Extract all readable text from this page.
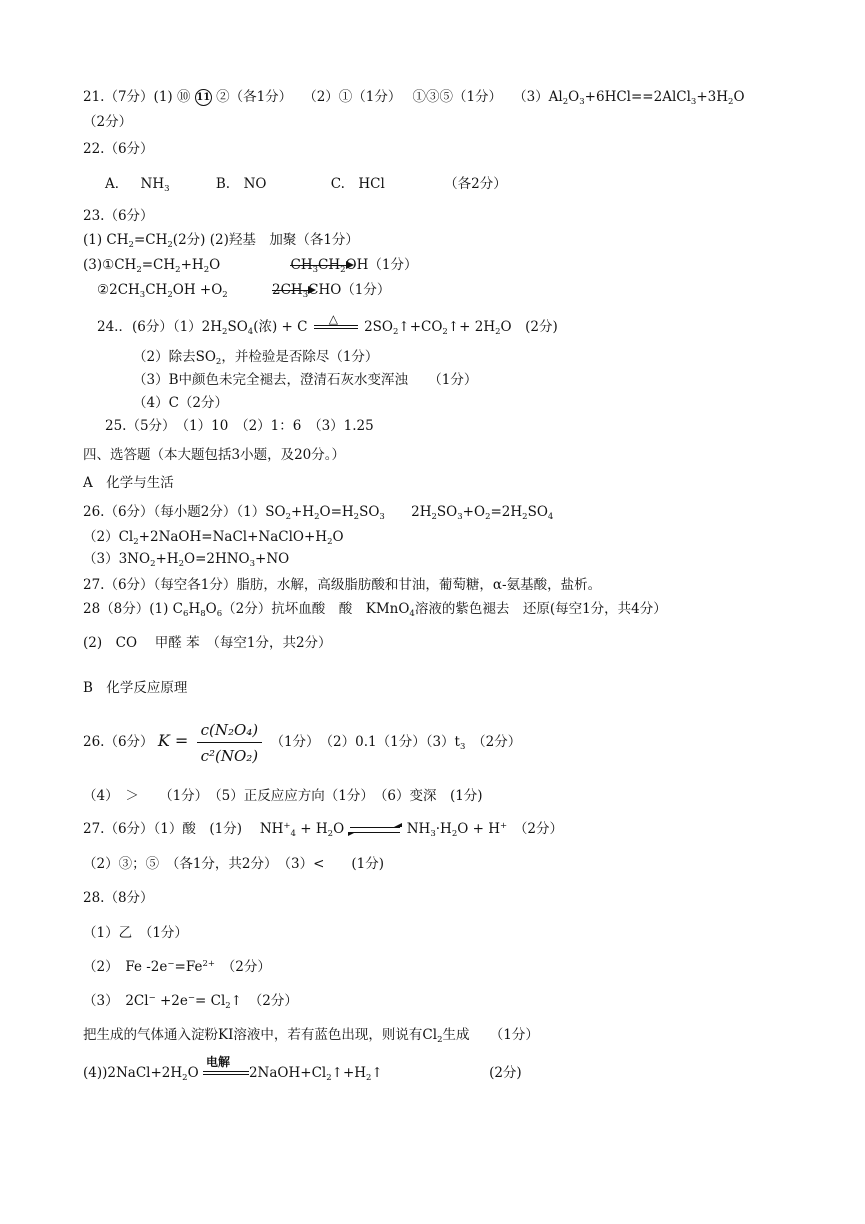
21.（7分）(1) ⑩ 11 ②（各1分）　 （2）①（1分）　 ①③⑤（1分）　 $(3)Al_2O_3+6HCl==2AlCl_3+3H_2O$
（2分）
22.（6分）
A． $NH_3$	B.　NO	C.　HCl	（各2分）
23.（6分）
(1) $CH_2=CH_2(2$分) (2)羟基　加聚（各1分）
$(3)①CH_2=CH_2+H_2O$	$CH_3CH_2$
OH（1分）
$②2CH_3CH_2OH +O_2$	$2CH_3$
CHO（1分）
24.．(6分）$(1)2H_2SO_4$(浓) + C
△
$2SO_2↑+CO_2↑+ 2H_2O$　(2分)
（2）除去$SO_2$，并检验是否除尽（1分）
（3）B中颜色未完全褪去，澄清石灰水变浑浊　　（1分）
（4）C（2分）
25.（5分）　（1）10　（2）1：6　（3）1.25
四、选答题（本大题包括3小题，及20分。）
A　化学与生活
26.（6分）（每小题2分）$(1)SO_2+H_2O=H_2SO_3$ $2H_2SO_3+O_2=2H_2SO_4$
$(2)Cl_2+2NaOH=NaCl+NaClO+H_2O$
$(3)3NO_2+H_2O=2HNO_3+NO$
27.（6分）（每空各1分）脂肪，水解，高级脂肪酸和甘油，葡萄糖，α-氨基酸，盐析。
28（8分）(1) $C_6H_8O_6(2$分）抗坏血酸　酸　KMnO$_4$溶液的紫色褪去　还原(每空1分，共4分）
(2)　CO　 甲醛 苯　（每空1分，共2分）
B　化学反应原理
26.（6分） $K = \frac{\text{c(N₂O₄)}}{\text{c²(NO₂)}} (1$分）　（2）0.1（1分）$(3)t_3$　 （2分）
（4）　＞　　（1分）　（5）正反应应方向（1分）　（6）变深　(1分)
27.（6分）（1）酸　(1分)　 $NH^+_4 + H_2O$	$NH_3\cdot H_2O + H^+$　 （2分）
（2）③；⑤　（各1分，共2分）　（3）<　　(1分)
28.（8分）
（1）乙　（1分）
（2）　Fe $-2e^-=Fe^{2+}$　 （2分）
（3）　$2Cl^- +2e^-= Cl_2↑$　（2分）
把生成的气体通入淀粉KI溶液中，若有蓝色出现，则说有$Cl_2$生成　　（1分）
$(4))2NaCl+2H_2O$
电解
$2NaOH+Cl_2↑+H_2↑$	(2分)
